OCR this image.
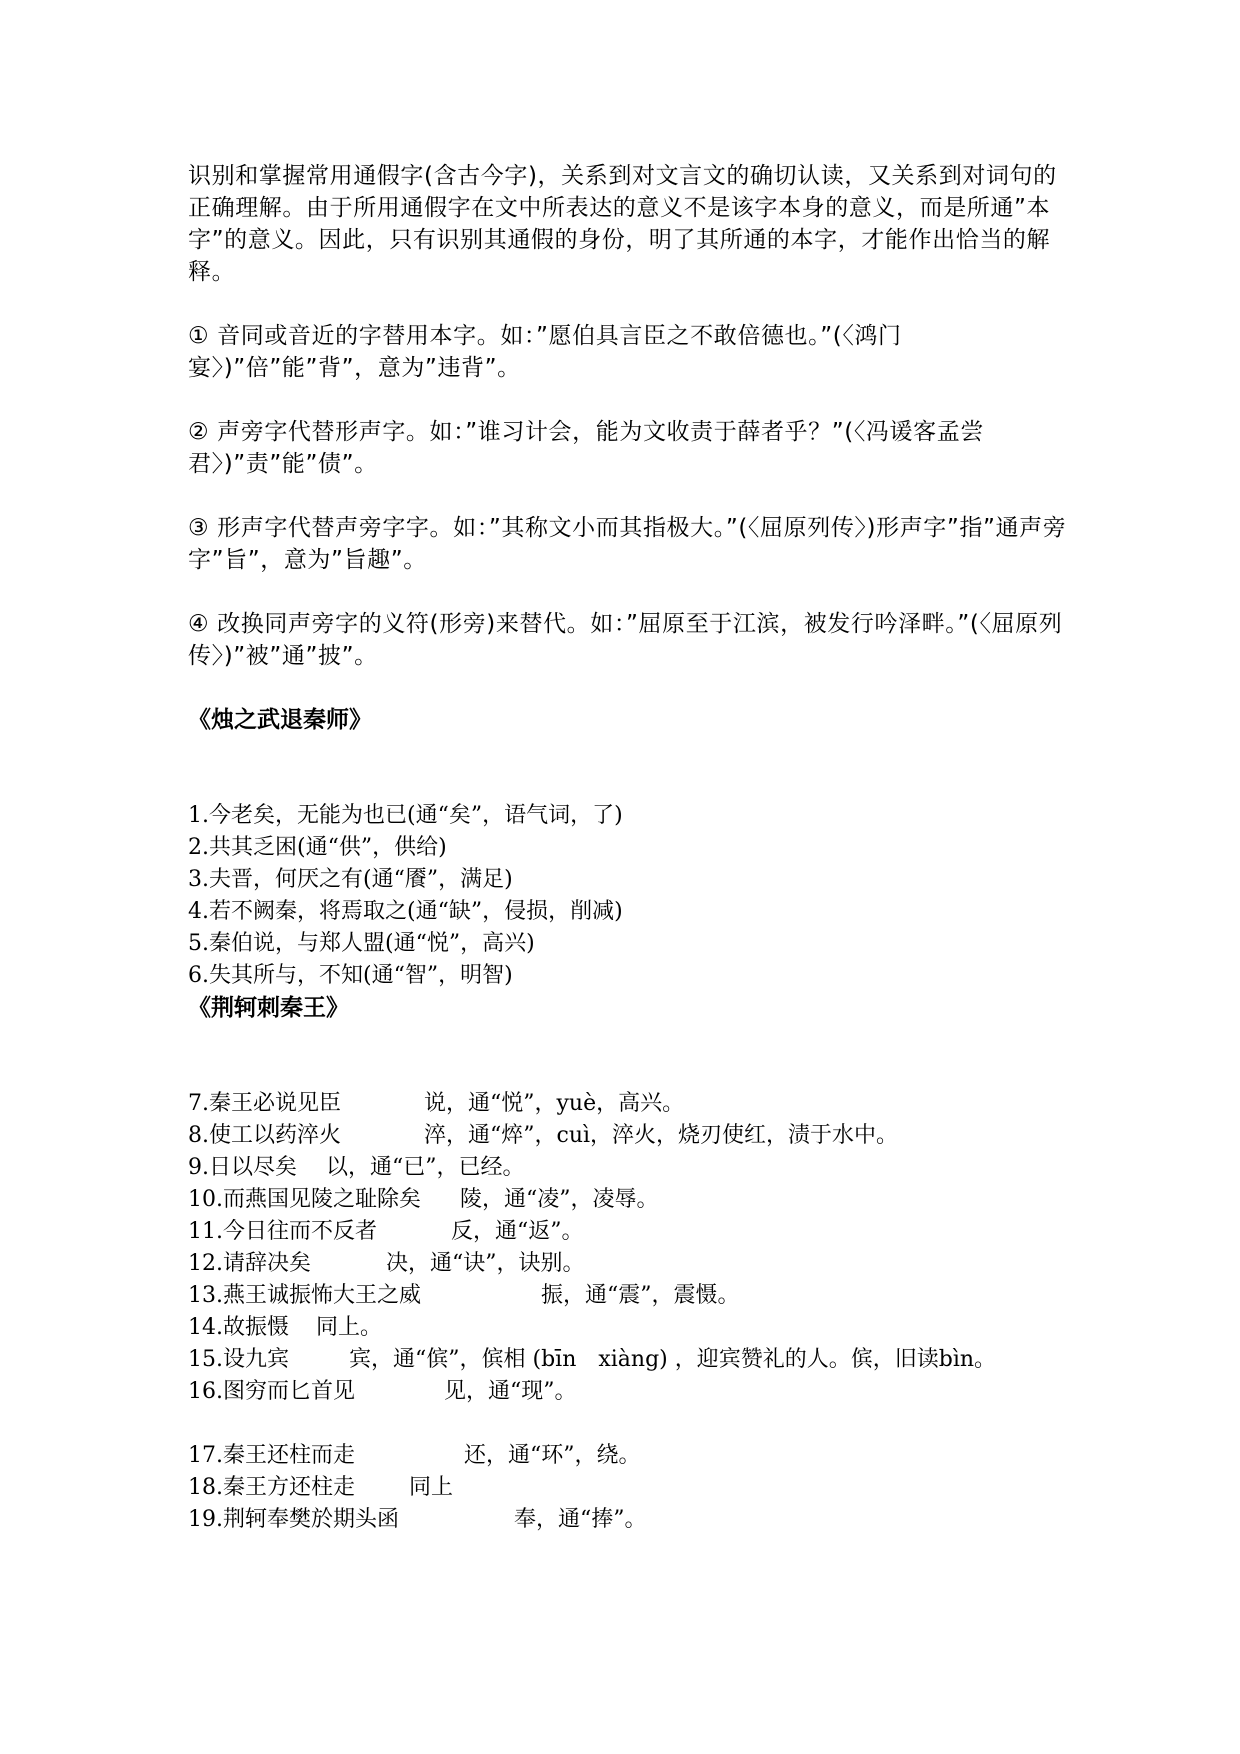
识别和掌握常用通假字(含古今字)，关系到对文言文的确切认读，又关系到对词句的正确理解。由于所用通假字在文中所表达的意义不是该字本身的意义，而是所通”本字”的意义。因此，只有识别其通假的身份，明了其所通的本字，才能作出恰当的解释。

① 音同或音近的字替用本字。如：”愿伯具言臣之不敢倍德也。”(〈鸿门宴〉)”倍”能”背”，意为”违背”。

② 声旁字代替形声字。如：”谁习计会，能为文收责于薛者乎？”(〈冯谖客孟尝君〉)”责”能”债”。

③ 形声字代替声旁字字。如：”其称文小而其指极大。”(〈屈原列传〉)形声字”指”通声旁字”旨”，意为”旨趣”。

④ 改换同声旁字的义符(形旁)来替代。如：”屈原至于江滨，被发行吟泽畔。”(〈屈原列传〉)”被”通”披”。

《烛之武退秦师》

1.今老矣，无能为也已(通“矣”，语气词，了)

2.共其乏困(通“供”，供给)

3.夫晋，何厌之有(通“餍”，满足)

4.若不阙秦，将焉取之(通“缺”，侵损，削减)

5.秦伯说，与郑人盟(通“悦”，高兴)

6.失其所与，不知(通“智”，明智)

《荆轲刺秦王》

7.秦王必说见臣	说，通“悦”，yuè，高兴。
8.使工以药淬火	淬，通“焠”，cuì，淬火，烧刃使红，渍于水中。
9.日以尽矣	以，通“已”，已经。
10.而燕国见陵之耻除矣	陵，通“凌”，凌辱。
11.今日往而不反者	反，通“返”。
12.请辞决矣	决，通“诀”，诀别。
13.燕王诚振怖大王之威	振，通“震”，震慑。
14.故振慑	同上。
15.设九宾	宾，通“傧”，傧相 (bīn　xiàng) ，迎宾赞礼的人。傧，旧读bìn。
16.图穷而匕首见	见，通“现”。
17.秦王还柱而走	还，通“环”，绕。
18.秦王方还柱走	同上
19.荆轲奉樊於期头函	奉，通“捧”。
